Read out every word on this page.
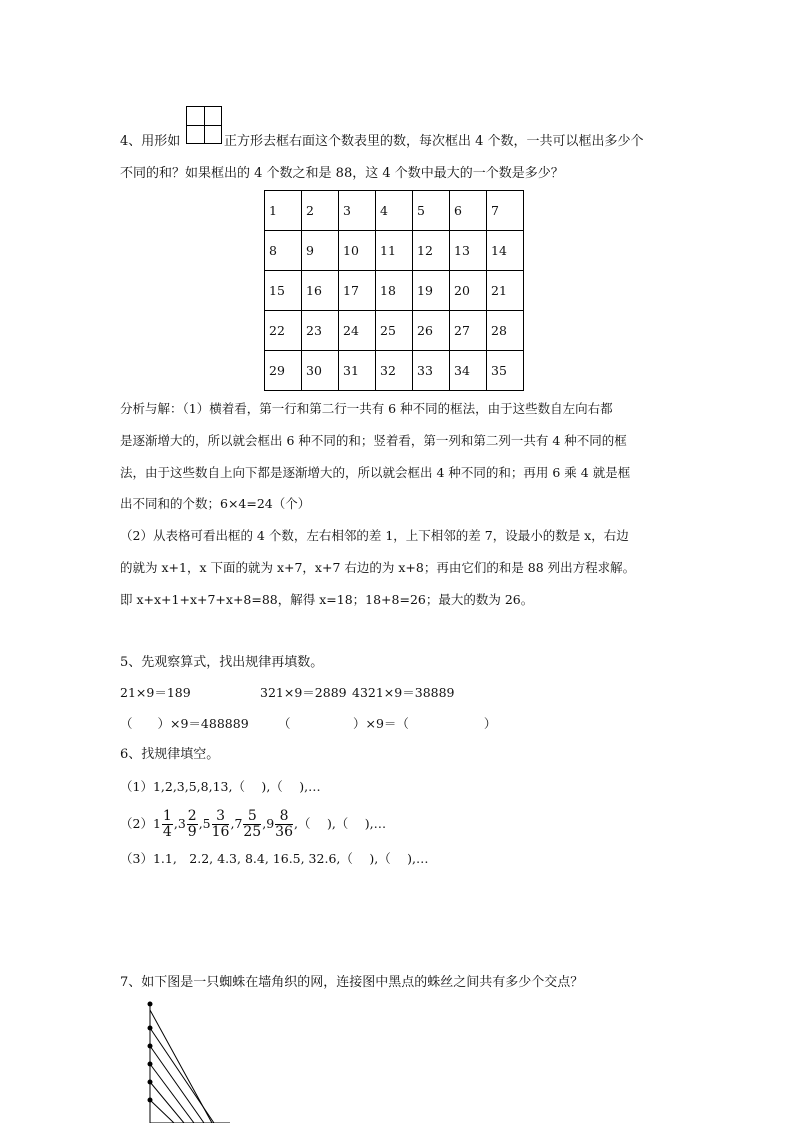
4、用形如	正方形去框右面这个数表里的数，每次框出 4 个数，一共可以框出多少个
不同的和？如果框出的 4 个数之和是 88，这 4 个数中最大的一个数是多少？
1	2	3	4	5	6	7
8	9	10	11	12	13	14
15	16	17	18	19	20	21
22	23	24	25	26	27	28
29	30	31	32	33	34	35
分析与解：（1）横着看，第一行和第二行一共有 6 种不同的框法，由于这些数自左向右都
是逐渐增大的，所以就会框出 6 种不同的和；竖着看，第一列和第二列一共有 4 种不同的框
法，由于这些数自上向下都是逐渐增大的，所以就会框出 4 种不同的和；再用 6 乘 4 就是框
出不同和的个数；6×4=24（个）
（2）从表格可看出框的 4 个数，左右相邻的差 1，上下相邻的差 7，设最小的数是 x，右边
的就为 x+1，x 下面的就为 x+7，x+7 右边的为 x+8；再由它们的和是 88 列出方程求解。
即 x+x+1+x+7+x+8=88，解得 x=18；18+8=26；最大的数为 26。
5、先观察算式，找出规律再填数。
21×9＝189	321×9＝2889 4321×9＝38889
（　　）×9＝488889 （　　　　　）×9＝（　　　　　　）
6、找规律填空。
（1）1,2,3,5,8,13,（　 ),（　 ),…
$(2)1 \frac{1}{4} ,3 \frac{2}{9} ,5 \frac{3}{16} ,7 \frac{5}{25} ,9 \frac{8}{36}$ ,（　 ),（　 ),…
（3）1.1,　2.2, 4.3, 8.4, 16.5, 32.6,（　 ),（　 ),…
7、如下图是一只蜘蛛在墙角织的网，连接图中黑点的蛛丝之间共有多少个交点？
